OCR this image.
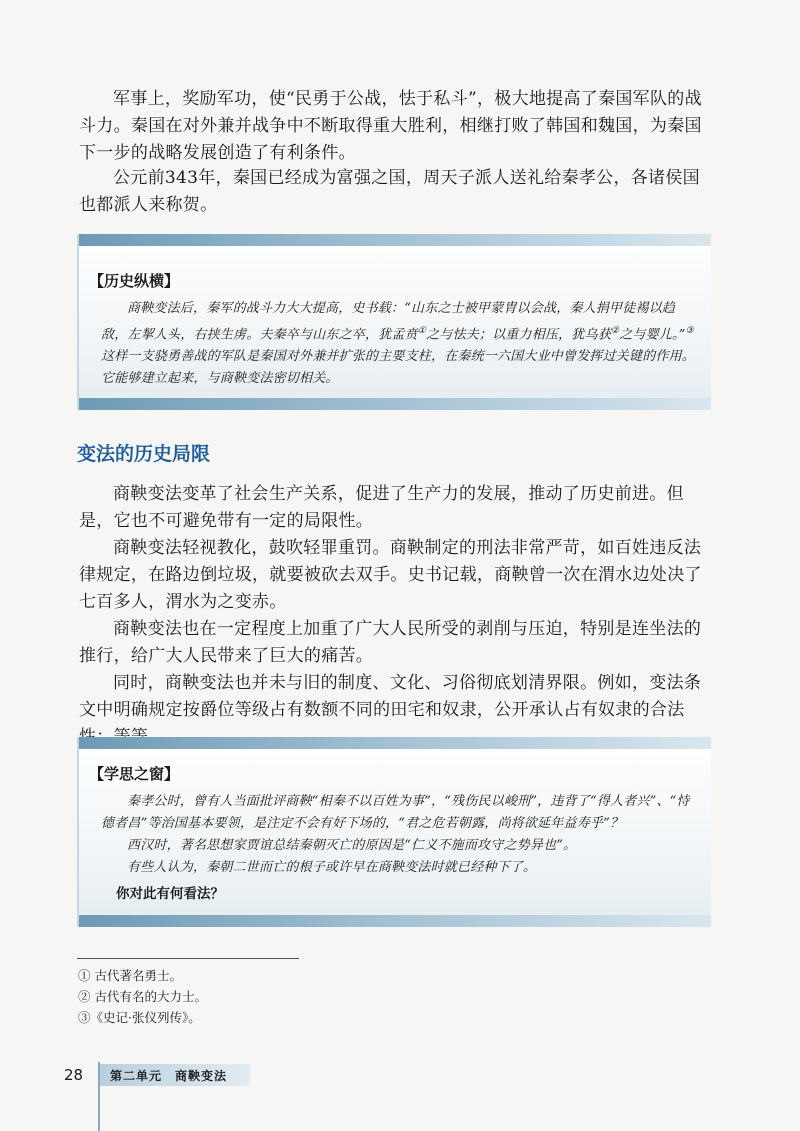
军事上，奖励军功，使“民勇于公战，怯于私斗”，极大地提高了秦国军队的战斗力。秦国在对外兼并战争中不断取得重大胜利，相继打败了韩国和魏国，为秦国下一步的战略发展创造了有利条件。

公元前343年，秦国已经成为富强之国，周天子派人送礼给秦孝公，各诸侯国也都派人来称贺。

【历史纵横】

商鞅变法后，秦军的战斗力大大提高，史书载：“山东之士被甲蒙胄以会战，秦人捐甲徒裼以趋敌，左挈人头，右挟生虏。夫秦卒与山东之卒，犹孟贲①之与怯夫；以重力相压，犹乌获②之与婴儿。”③这样一支骁勇善战的军队是秦国对外兼并扩张的主要支柱，在秦统一六国大业中曾发挥过关键的作用。它能够建立起来，与商鞅变法密切相关。

变法的历史局限

商鞅变法变革了社会生产关系，促进了生产力的发展，推动了历史前进。但是，它也不可避免带有一定的局限性。

商鞅变法轻视教化，鼓吹轻罪重罚。商鞅制定的刑法非常严苛，如百姓违反法律规定，在路边倒垃圾，就要被砍去双手。史书记载，商鞅曾一次在渭水边处决了七百多人，渭水为之变赤。

商鞅变法也在一定程度上加重了广大人民所受的剥削与压迫，特别是连坐法的推行，给广大人民带来了巨大的痛苦。

同时，商鞅变法也并未与旧的制度、文化、习俗彻底划清界限。例如，变法条文中明确规定按爵位等级占有数额不同的田宅和奴隶，公开承认占有奴隶的合法

【学思之窗】

秦孝公时，曾有人当面批评商鞅“相秦不以百姓为事”，“残伤民以峻刑”，违背了“得人者兴”、“恃德者昌”等治国基本要领，是注定不会有好下场的，“君之危若朝露，尚将欲延年益寿乎”？

西汉时，著名思想家贾谊总结秦朝灭亡的原因是“仁义不施而攻守之势异也”。

有些人认为，秦朝二世而亡的根子或许早在商鞅变法时就已经种下了。

你对此有何看法？

① 古代著名勇士。

② 古代有名的大力士。

③《史记·张仪列传》。

28 第二单元　商鞅变法
